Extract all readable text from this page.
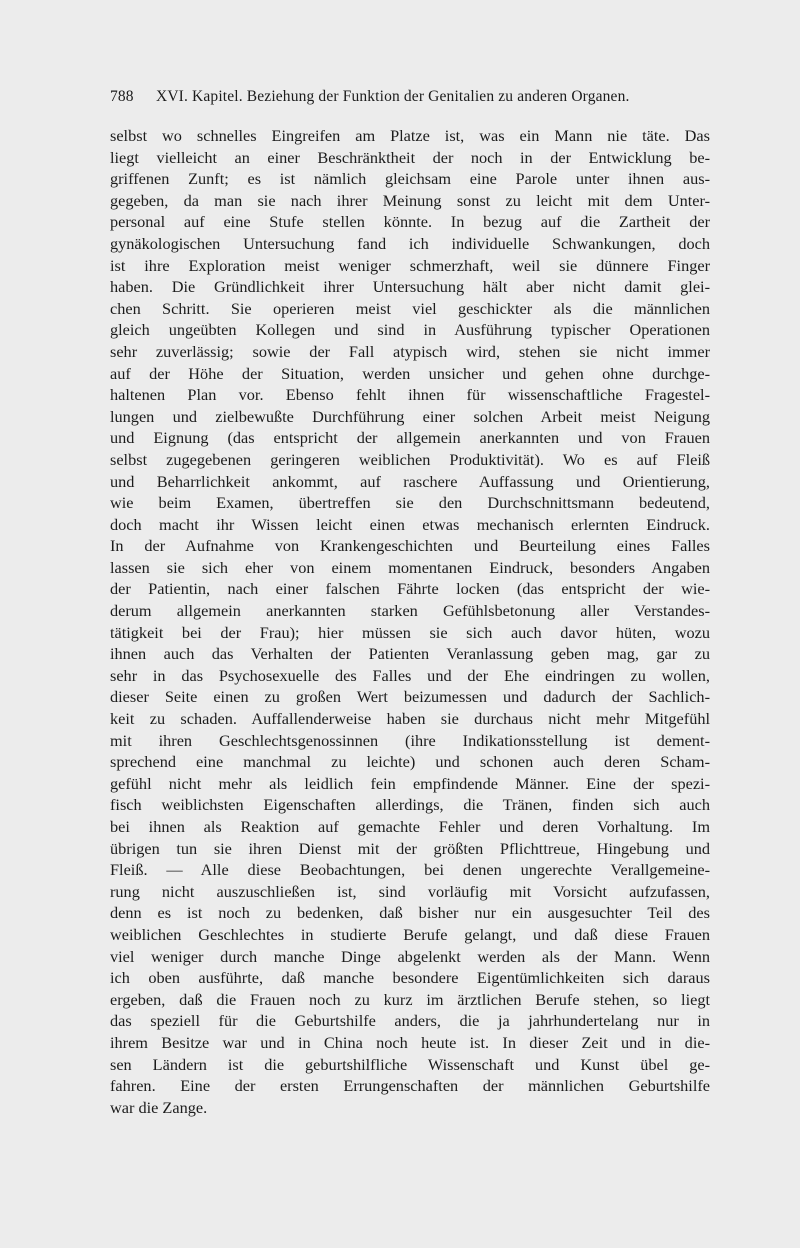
788 XVI. Kapitel. Beziehung der Funktion der Genitalien zu anderen Organen.
selbst wo schnelles Eingreifen am Platze ist, was ein Mann nie täte. Das
liegt vielleicht an einer Beschränktheit der noch in der Entwicklung be-
griffenen Zunft; es ist nämlich gleichsam eine Parole unter ihnen aus-
gegeben, da man sie nach ihrer Meinung sonst zu leicht mit dem Unter-
personal auf eine Stufe stellen könnte. In bezug auf die Zartheit der
gynäkologischen Untersuchung fand ich individuelle Schwankungen, doch
ist ihre Exploration meist weniger schmerzhaft, weil sie dünnere Finger
haben. Die Gründlichkeit ihrer Untersuchung hält aber nicht damit glei-
chen Schritt. Sie operieren meist viel geschickter als die männlichen
gleich ungeübten Kollegen und sind in Ausführung typischer Operationen
sehr zuverlässig; sowie der Fall atypisch wird, stehen sie nicht immer
auf der Höhe der Situation, werden unsicher und gehen ohne durchge-
haltenen Plan vor. Ebenso fehlt ihnen für wissenschaftliche Fragestel-
lungen und zielbewußte Durchführung einer solchen Arbeit meist Neigung
und Eignung (das entspricht der allgemein anerkannten und von Frauen
selbst zugegebenen geringeren weiblichen Produktivität). Wo es auf Fleiß
und Beharrlichkeit ankommt, auf raschere Auffassung und Orientierung,
wie beim Examen, übertreffen sie den Durchschnittsmann bedeutend,
doch macht ihr Wissen leicht einen etwas mechanisch erlernten Eindruck.
In der Aufnahme von Krankengeschichten und Beurteilung eines Falles
lassen sie sich eher von einem momentanen Eindruck, besonders Angaben
der Patientin, nach einer falschen Fährte locken (das entspricht der wie-
derum allgemein anerkannten starken Gefühlsbetonung aller Verstandes-
tätigkeit bei der Frau); hier müssen sie sich auch davor hüten, wozu
ihnen auch das Verhalten der Patienten Veranlassung geben mag, gar zu
sehr in das Psychosexuelle des Falles und der Ehe eindringen zu wollen,
dieser Seite einen zu großen Wert beizumessen und dadurch der Sachlich-
keit zu schaden. Auffallenderweise haben sie durchaus nicht mehr Mitgefühl
mit ihren Geschlechtsgenossinnen (ihre Indikationsstellung ist dement-
sprechend eine manchmal zu leichte) und schonen auch deren Scham-
gefühl nicht mehr als leidlich fein empfindende Männer. Eine der spezi-
fisch weiblichsten Eigenschaften allerdings, die Tränen, finden sich auch
bei ihnen als Reaktion auf gemachte Fehler und deren Vorhaltung. Im
übrigen tun sie ihren Dienst mit der größten Pflichttreue, Hingebung und
Fleiß. — Alle diese Beobachtungen, bei denen ungerechte Verallgemeine-
rung nicht auszuschließen ist, sind vorläufig mit Vorsicht aufzufassen,
denn es ist noch zu bedenken, daß bisher nur ein ausgesuchter Teil des
weiblichen Geschlechtes in studierte Berufe gelangt, und daß diese Frauen
viel weniger durch manche Dinge abgelenkt werden als der Mann. Wenn
ich oben ausführte, daß manche besondere Eigentümlichkeiten sich daraus
ergeben, daß die Frauen noch zu kurz im ärztlichen Berufe stehen, so liegt
das speziell für die Geburtshilfe anders, die ja jahrhundertelang nur in
ihrem Besitze war und in China noch heute ist. In dieser Zeit und in die-
sen Ländern ist die geburtshilfliche Wissenschaft und Kunst übel ge-
fahren. Eine der ersten Errungenschaften der männlichen Geburtshilfe
war die Zange.
